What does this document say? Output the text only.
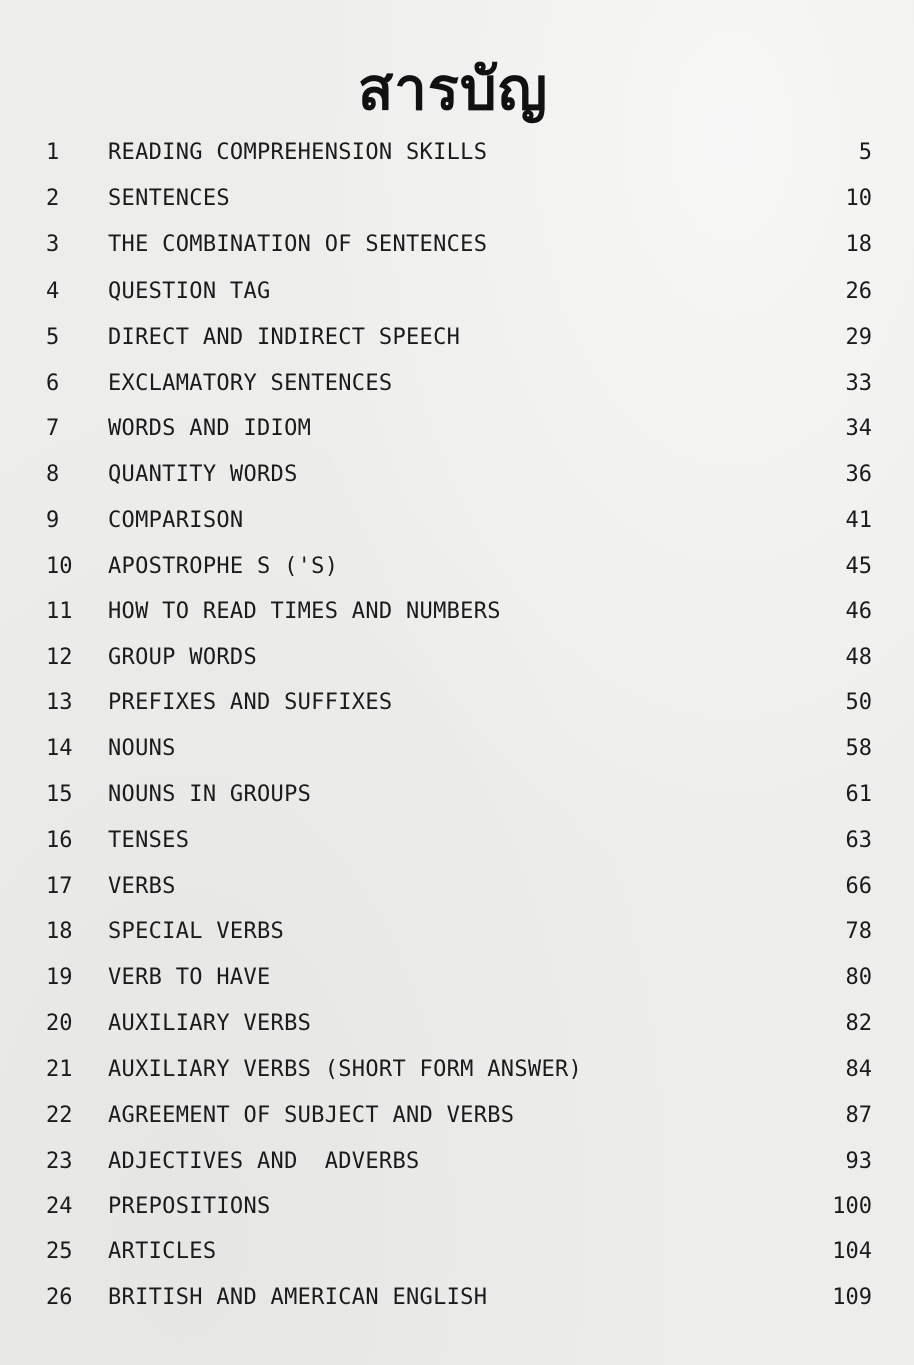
สารบัญ
1	READING COMPREHENSION SKILLS	5
2	SENTENCES	10
3	THE COMBINATION OF SENTENCES	18
4	QUESTION TAG	26
5	DIRECT AND INDIRECT SPEECH	29
6	EXCLAMATORY SENTENCES	33
7	WORDS AND IDIOM	34
8	QUANTITY WORDS	36
9	COMPARISON	41
10	APOSTROPHE S ('S)	45
11	HOW TO READ TIMES AND NUMBERS	46
12	GROUP WORDS	48
13	PREFIXES AND SUFFIXES	50
14	NOUNS	58
15	NOUNS IN GROUPS	61
16	TENSES	63
17	VERBS	66
18	SPECIAL VERBS	78
19	VERB TO HAVE	80
20	AUXILIARY VERBS	82
21	AUXILIARY VERBS (SHORT FORM ANSWER)	84
22	AGREEMENT OF SUBJECT AND VERBS	87
23	ADJECTIVES AND  ADVERBS	93
24	PREPOSITIONS	100
25	ARTICLES	104
26	BRITISH AND AMERICAN ENGLISH	109
